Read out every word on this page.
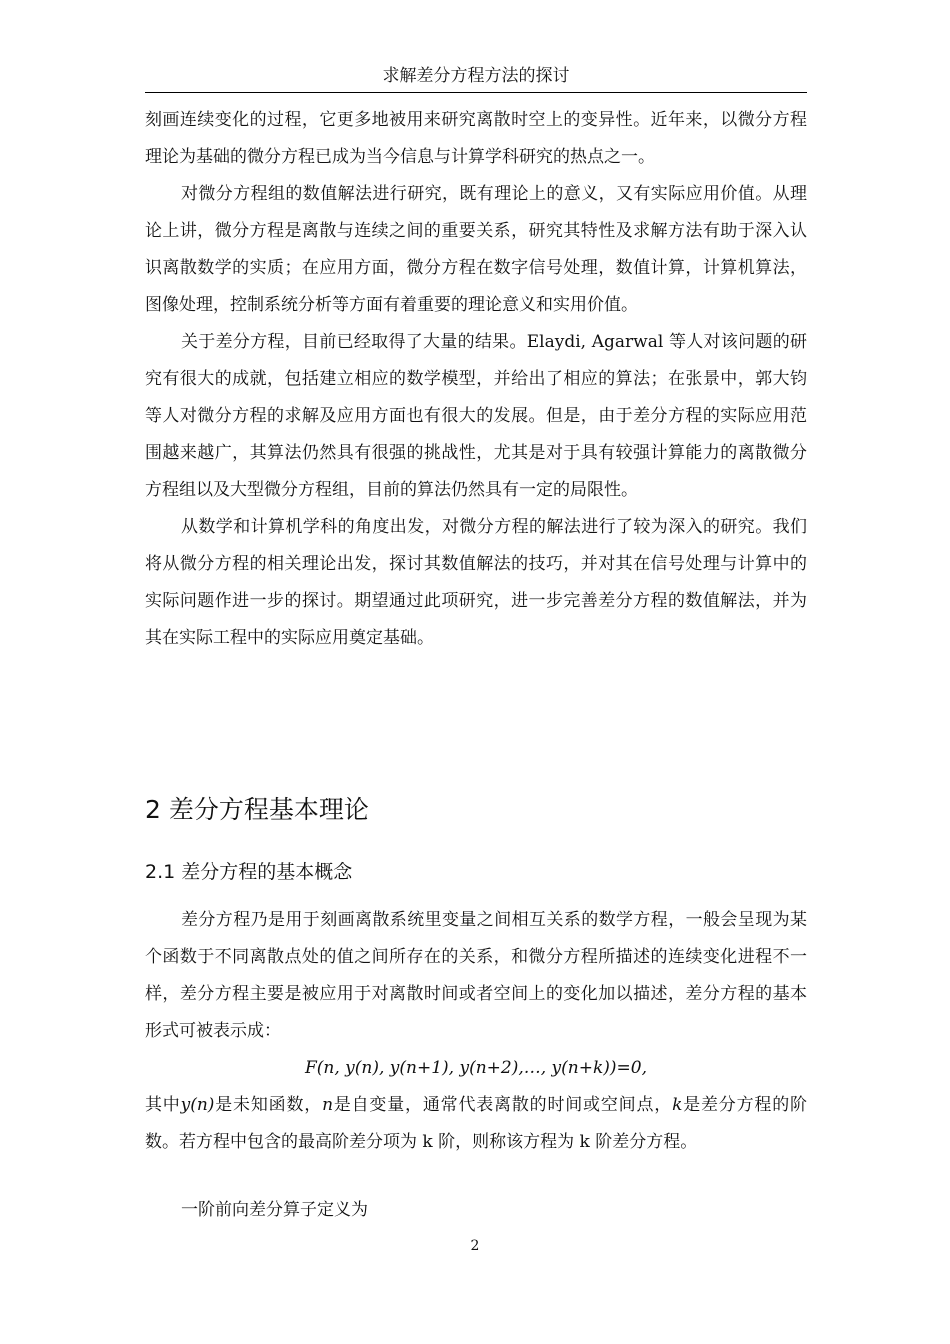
求解差分方程方法的探讨

刻画连续变化的过程，它更多地被用来研究离散时空上的变异性。近年来，以微分方程理论为基础的微分方程已成为当今信息与计算学科研究的热点之一。

对微分方程组的数值解法进行研究，既有理论上的意义，又有实际应用价值。从理论上讲，微分方程是离散与连续之间的重要关系，研究其特性及求解方法有助于深入认识离散数学的实质；在应用方面，微分方程在数字信号处理，数值计算，计算机算法，图像处理，控制系统分析等方面有着重要的理论意义和实用价值。

关于差分方程，目前已经取得了大量的结果。Elaydi, Agarwal 等人对该问题的研究有很大的成就，包括建立相应的数学模型，并给出了相应的算法；在张景中，郭大钧等人对微分方程的求解及应用方面也有很大的发展。但是，由于差分方程的实际应用范围越来越广，其算法仍然具有很强的挑战性，尤其是对于具有较强计算能力的离散微分方程组以及大型微分方程组，目前的算法仍然具有一定的局限性。

从数学和计算机学科的角度出发，对微分方程的解法进行了较为深入的研究。我们将从微分方程的相关理论出发，探讨其数值解法的技巧，并对其在信号处理与计算中的实际问题作进一步的探讨。期望通过此项研究，进一步完善差分方程的数值解法，并为其在实际工程中的实际应用奠定基础。

2 差分方程基本理论
2.1 差分方程的基本概念

差分方程乃是用于刻画离散系统里变量之间相互关系的数学方程，一般会呈现为某个函数于不同离散点处的值之间所存在的关系，和微分方程所描述的连续变化进程不一样，差分方程主要是被应用于对离散时间或者空间上的变化加以描述，差分方程的基本形式可被表示成：

F(n, y(n), y(n+1), y(n+2),…, y(n+k))=0,

其中y(n)是未知函数，n是自变量，通常代表离散的时间或空间点，k是差分方程的阶数。若方程中包含的最高阶差分项为 k 阶，则称该方程为 k 阶差分方程。

一阶前向差分算子定义为

2
